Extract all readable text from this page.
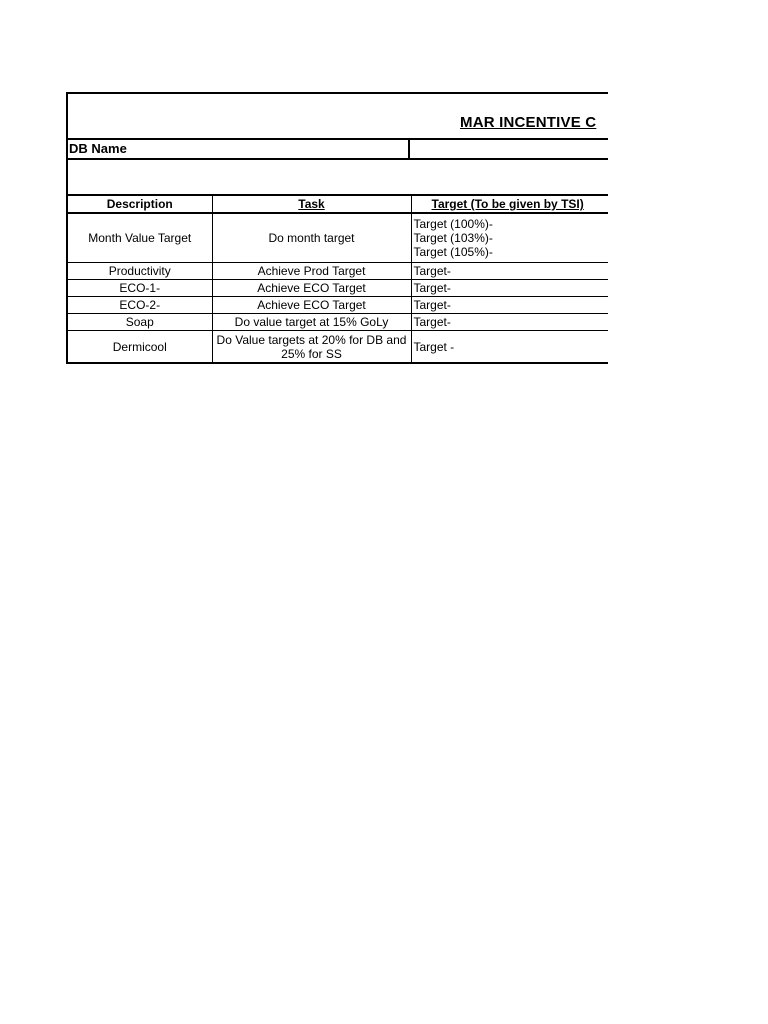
MAR INCENTIVE C
DB Name
Description	Task	Target (To be given by TSI)
Month Value Target	Do month target	Target (100%)-
Target (103%)-
Target (105%)-

Productivity	Achieve Prod Target	Target-
ECO-1-	Achieve ECO Target	Target-
ECO-2-	Achieve ECO Target	Target-
Soap	Do value target at 15% GoLy	Target-
Dermicool	Do Value targets at 20% for DB and 25% for SS	Target -
